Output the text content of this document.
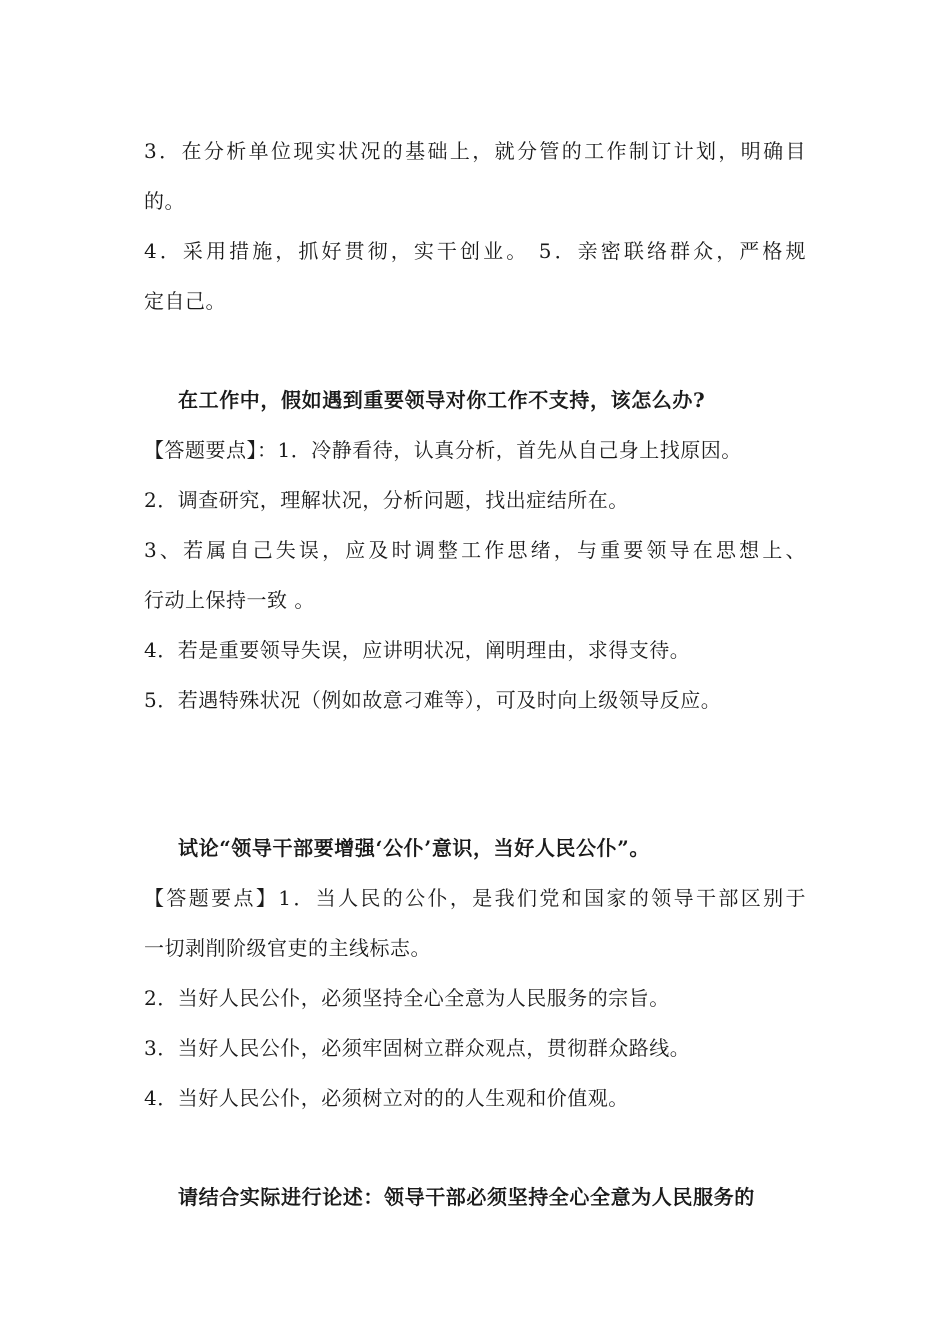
3．在分析单位现实状况的基础上，就分管的工作制订计划，明确目
的。
4．采用措施，抓好贯彻，实干创业。 5．亲密联络群众，严格规
定自己。
在工作中，假如遇到重要领导对你工作不支持，该怎么办?
【答题要点】：1．冷静看待，认真分析，首先从自己身上找原因。
2．调查研究，理解状况，分析问题，找出症结所在。
3、若属自己失误，应及时调整工作思绪，与重要领导在思想上、
行动上保持一致 。
4．若是重要领导失误，应讲明状况，阐明理由，求得支待。
5．若遇特殊状况（例如故意刁难等），可及时向上级领导反应。
试论“领导干部要增强‘公仆’意识，当好人民公仆”。
【答题要点】1．当人民的公仆，是我们党和国家的领导干部区别于
一切剥削阶级官吏的主线标志。
2．当好人民公仆，必须坚持全心全意为人民服务的宗旨。
3．当好人民公仆，必须牢固树立群众观点，贯彻群众路线。
4．当好人民公仆，必须树立对的的人生观和价值观。
请结合实际进行论述：领导干部必须坚持全心全意为人民服务的
